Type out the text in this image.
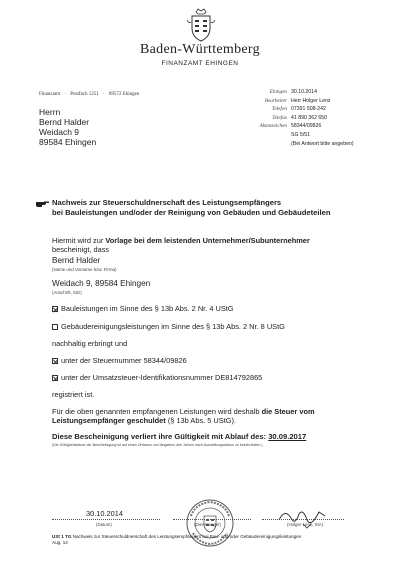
Baden-Württemberg
FINANZAMT EHINGEN
Finanzamt · Postfach 1251 · 89572 Ehingen
Herrn
Bernd Halder
Weidach 9
89584 Ehingen
Ehingen 30.10.2014
Bearbeiter Herr Holger Lenz
Telefon 07391 508-242
Telefax 41 890 362 650
Aktenzeichen 58344/09826
SG 5/51
(Bei Antwort bitte angeben)
Nachweis zur Steuerschuldnerschaft des Leistungsempfängers
bei Bauleistungen und/oder der Reinigung von Gebäuden und Gebäudeteilen
Hiermit wird zur Vorlage bei dem leistenden Unternehmer/Subunternehmer
bescheinigt, dass
Bernd Halder
(Name und Vorname bzw. Firma)
Weidach 9, 89584 Ehingen
(Anschrift, Sitz)
Bauleistungen im Sinne des § 13b Abs. 2 Nr. 4 UStG
Gebäudereinigungsleistungen im Sinne des § 13b Abs. 2 Nr. 8 UStG
nachhaltig erbringt und
unter der Steuernummer 58344/09826
unter der Umsatzsteuer-Identifikationsnummer DE814792865
registriert ist.
Für die oben genannten empfangenen Leistungen wird deshalb die Steuer vom
Leistungsempfänger geschuldet (§ 13b Abs. 5 UStG).
Diese Bescheinigung verliert ihre Gültigkeit mit Ablauf des: 30.09.2017
(Die Gültigkeitsdauer der Bescheinigung ist auf einen Zeitraum von längstens drei Jahren nach Ausstellungsdatum zu beschränken.)
30.10.2014
(Datum)	(Dienstsiegel)	(Holger Lenz, StA)
USt 1 TG Nachweis zur Steuerschuldnerschaft des Leistungsempfängers bei Bau- und/oder Gebäudereinigungsleistungen
Aug. 14
